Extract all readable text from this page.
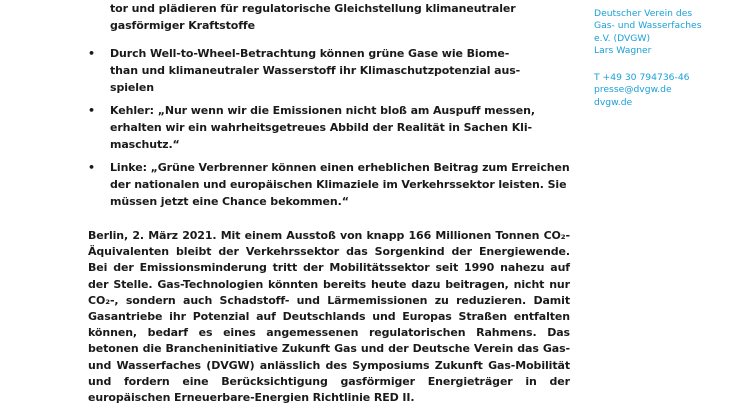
tor und plädieren für regulatorische Gleichstellung klimaneutraler
gasförmiger Kraftstoffe
•	Durch Well-to-Wheel-Betrachtung können grüne Gase wie Biome-
than und klimaneutraler Wasserstoff ihr Klimaschutzpotenzial aus-
spielen
•	Kehler: „Nur wenn wir die Emissionen nicht bloß am Auspuff messen,
erhalten wir ein wahrheitsgetreues Abbild der Realität in Sachen Kli-
maschutz.“
•	Linke: „Grüne Verbrenner können einen erheblichen Beitrag zum Erreichen
der nationalen und europäischen Klimaziele im Verkehrssektor leisten. Sie
müssen jetzt eine Chance bekommen.“
Berlin, 2. März 2021. Mit einem Ausstoß von knapp 166 Millionen Tonnen CO₂-Äquivalenten bleibt der Verkehrssektor das Sorgenkind der Energiewende. Bei der Emissionsminderung tritt der Mobilitätssektor seit 1990 nahezu auf der Stelle. Gas-Technologien könnten bereits heute dazu beitragen, nicht nur CO₂-, sondern auch Schadstoff- und Lärmemissionen zu reduzieren. Damit Gasantriebe ihr Potenzial auf Deutschlands und Europas Straßen entfalten können, bedarf es eines angemessenen regulatorischen Rahmens. Das betonen die Brancheninitiative Zukunft Gas und der Deutsche Verein das Gas- und Wasserfaches (DVGW) anlässlich des Symposiums Zukunft Gas-Mobilität und fordern eine Berücksichtigung gasförmiger Energieträger in der europäischen Erneuerbare-Energien Richtlinie RED II.
Deutscher Verein des
Gas- und Wasserfaches
e.V. (DVGW)
Lars Wagner
T +49 30 794736-46
presse@dvgw.de
dvgw.de
